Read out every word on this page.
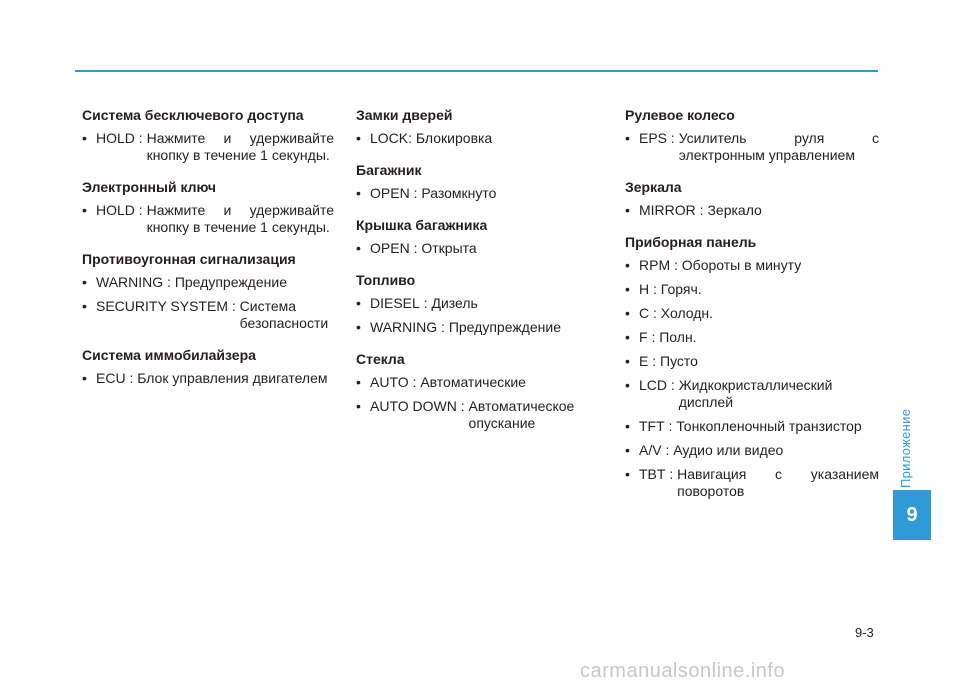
Система бесключевого доступа
• HOLD : Нажмите и удерживайте кнопку в течение 1 секунды.
Электронный ключ
• HOLD : Нажмите и удерживайте кнопку в течение 1 секунды.
Противоугонная сигнализация
• WARNING : Предупреждение
• SECURITY SYSTEM : Система безопасности
Система иммобилайзера
• ECU : Блок управления двигателем
Замки дверей
• LOCK : Блокировка
Багажник
• OPEN : Разомкнуто
Крышка багажника
• OPEN : Открыта
Топливо
• DIESEL : Дизель
• WARNING : Предупреждение
Стекла
• AUTO : Автоматические
• AUTO DOWN : Автоматическое опускание
Рулевое колесо
• EPS : Усилитель руля с электронным управлением
Зеркала
• MIRROR : Зеркало
Приборная панель
• RPM : Обороты в минуту
• H : Горяч.
• C : Холодн.
• F : Полн.
• E : Пусто
• LCD : Жидкокристаллический дисплей
• TFT : Тонкопленочный транзистор
• A/V : Аудио или видео
• TBT : Навигация с указанием поворотов
Приложение
9
9-3
carmanualsonline.info
